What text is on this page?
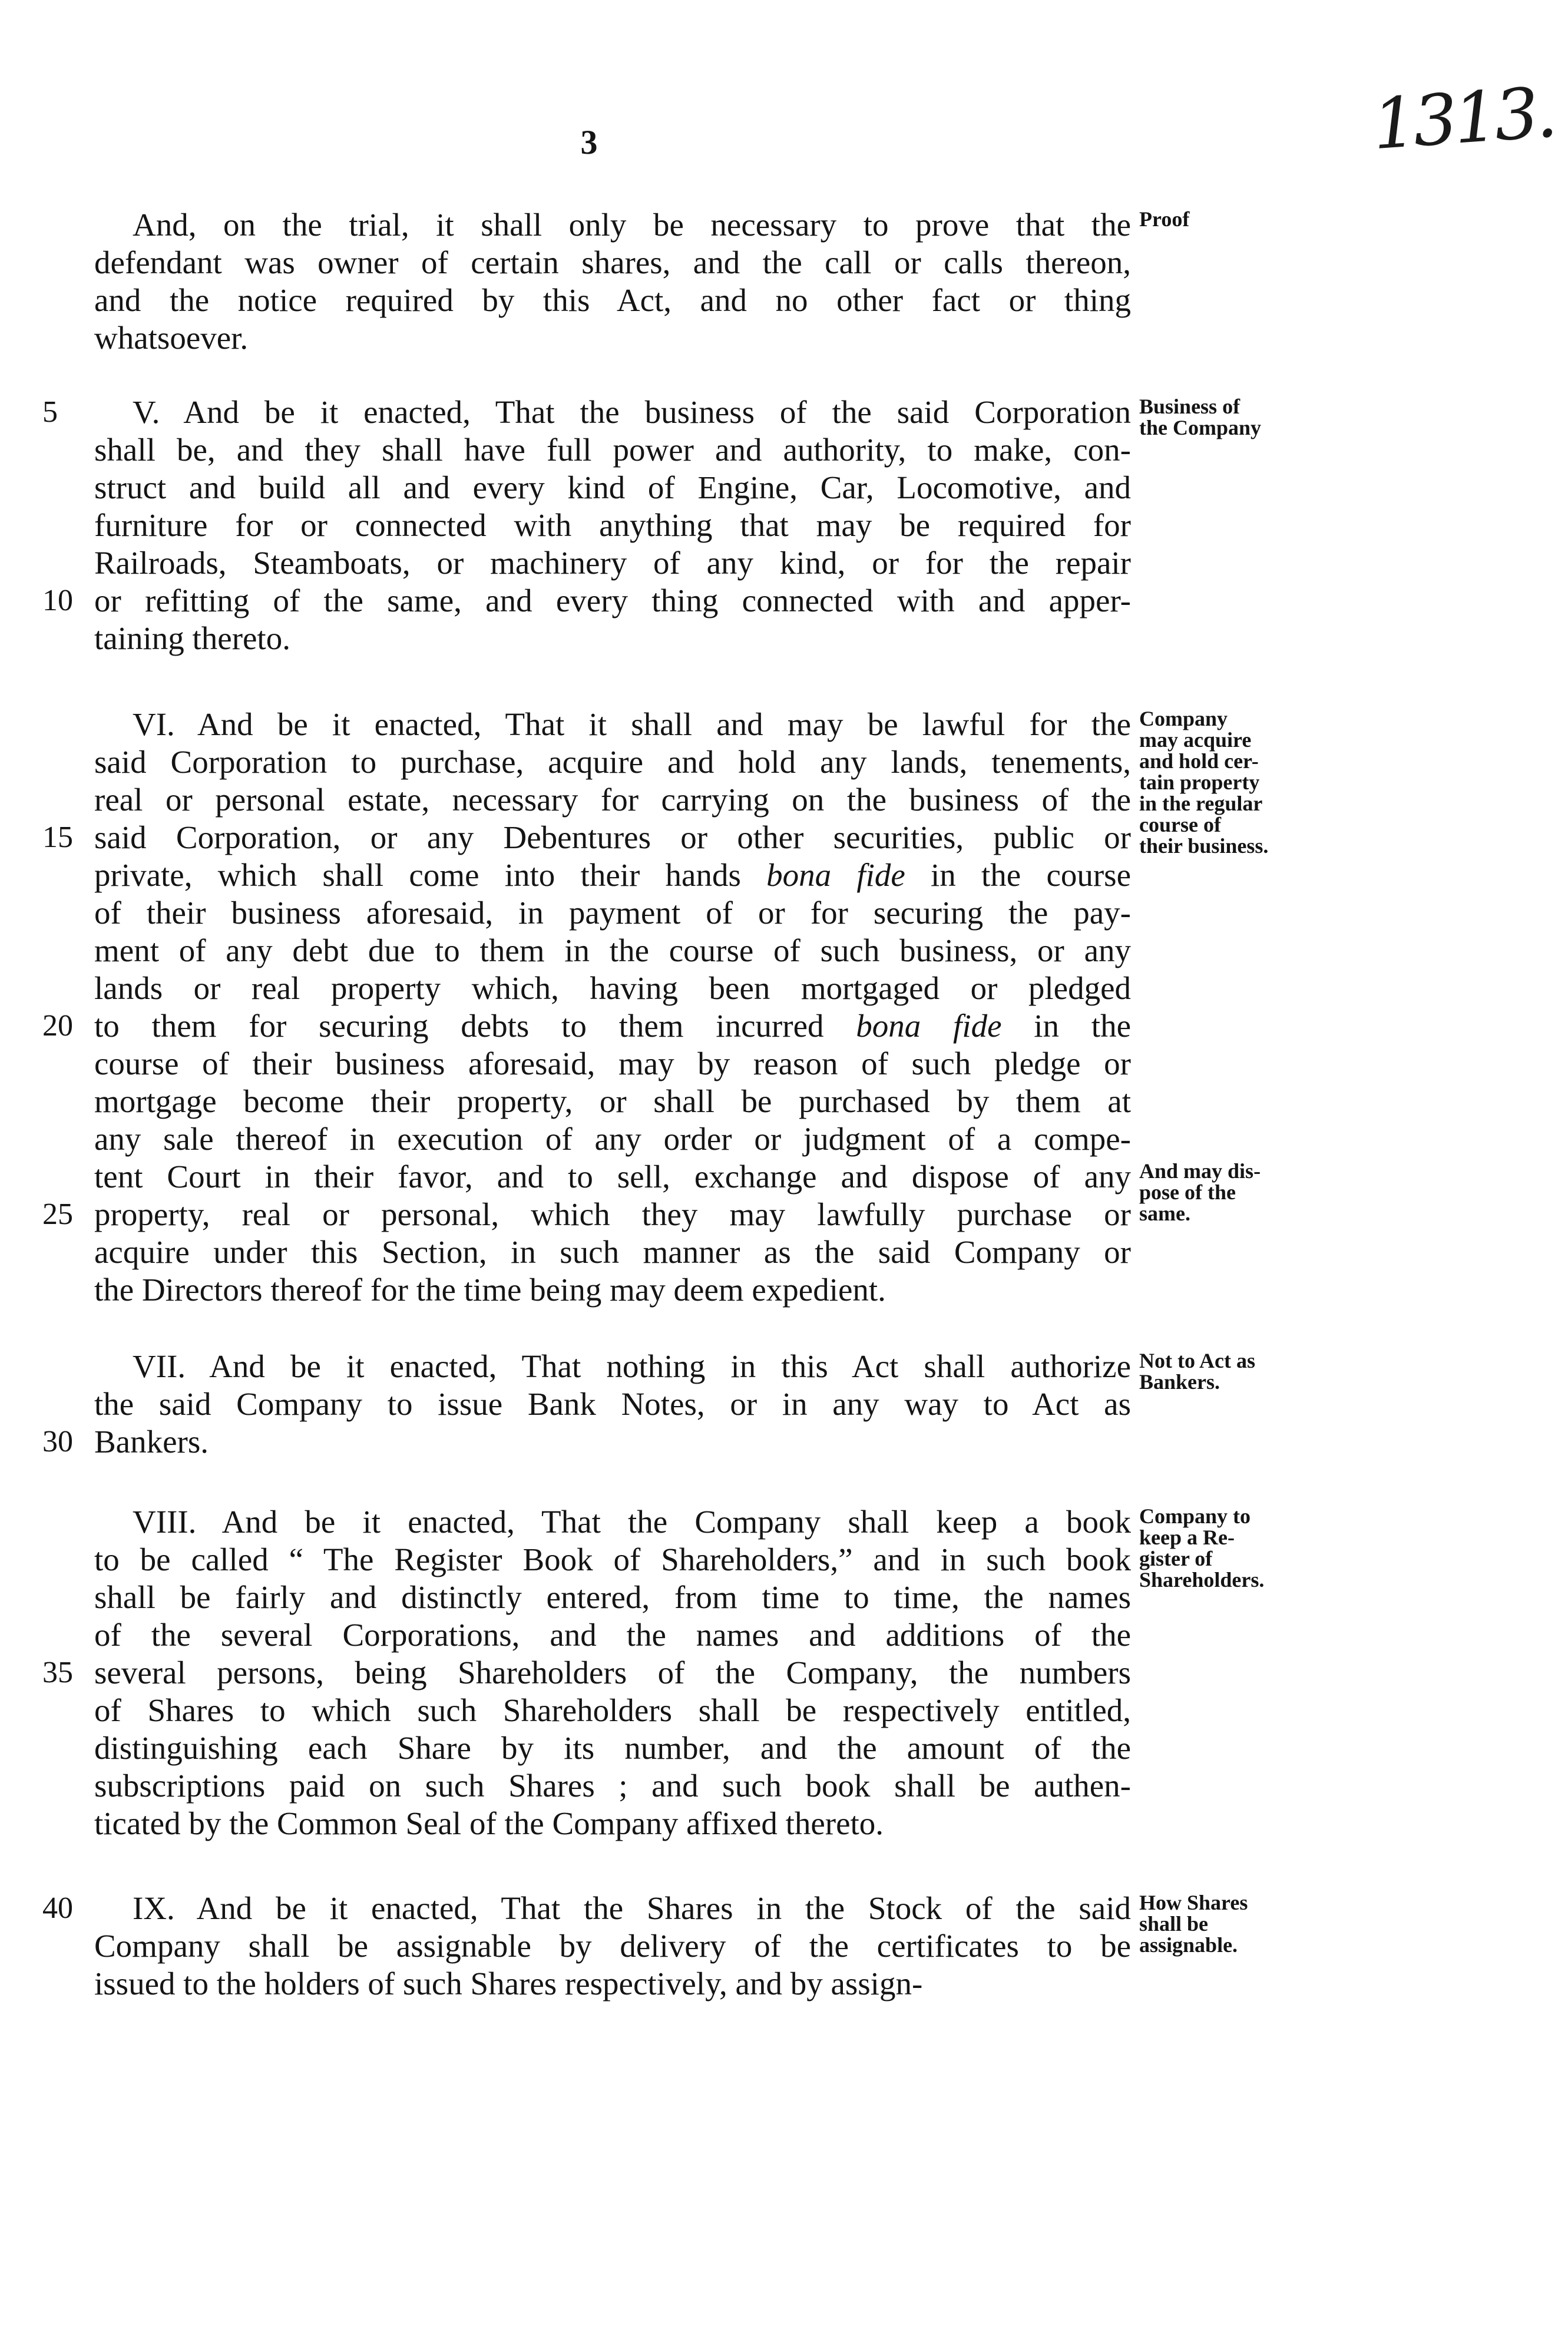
3	1313.
And, on the trial, it shall only be necessary to prove that the
defendant was owner of certain shares, and the call or calls thereon,
and the notice required by this Act, and no other fact or thing
whatsoever.
Proof
V. And be it enacted, That the business of the said Corporation
shall be, and they shall have full power and authority, to make, con-
struct and build all and every kind of Engine, Car, Locomotive, and
furniture for or connected with anything that may be required for
Railroads, Steamboats, or machinery of any kind, or for the repair
or refitting of the same, and every thing connected with and apper-
taining thereto.
5
10
Business of
the Company
VI. And be it enacted, That it shall and may be lawful for the
said Corporation to purchase, acquire and hold any lands, tenements,
real or personal estate, necessary for carrying on the business of the
said Corporation, or any Debentures or other securities, public or
private, which shall come into their hands bona fide in the course
of their business aforesaid, in payment of or for securing the pay-
ment of any debt due to them in the course of such business, or any
lands or real property which, having been mortgaged or pledged
to them for securing debts to them incurred bona fide in the
course of their business aforesaid, may by reason of such pledge or
mortgage become their property, or shall be purchased by them at
any sale thereof in execution of any order or judgment of a compe-
tent Court in their favor, and to sell, exchange and dispose of any
property, real or personal, which they may lawfully purchase or
acquire under this Section, in such manner as the said Company or
the Directors thereof for the time being may deem expedient.
15
20
25
Company
may acquire
and hold cer-
tain property
in the regular
course of
their business.
And may dis-
pose of the
same.
VII. And be it enacted, That nothing in this Act shall authorize
the said Company to issue Bank Notes, or in any way to Act as
Bankers.
30
Not to Act as
Bankers.
VIII. And be it enacted, That the Company shall keep a book
to be called “ The Register Book of Shareholders,” and in such book
shall be fairly and distinctly entered, from time to time, the names
of the several Corporations, and the names and additions of the
several persons, being Shareholders of the Company, the numbers
of Shares to which such Shareholders shall be respectively entitled,
distinguishing each Share by its number, and the amount of the
subscriptions paid on such Shares ; and such book shall be authen-
ticated by the Common Seal of the Company affixed thereto.
35
Company to
keep a Re-
gister of
Shareholders.
IX. And be it enacted, That the Shares in the Stock of the said
Company shall be assignable by delivery of the certificates to be
issued to the holders of such Shares respectively, and by assign-
40	How Shares
shall be
assignable.
